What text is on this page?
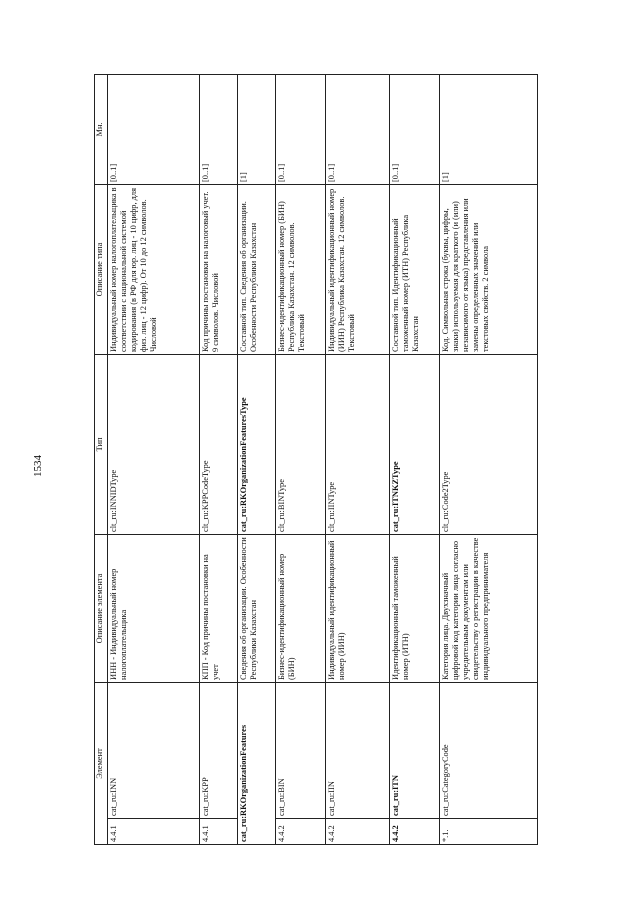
1534
Элемент		Описание элемента	Тип	Описание типа	Мн.
4.4.1	cat_ru:INN	ИНН - Индивидуальный номер налогоплательщика	clt_ru:INNIDType	Индивидуальный номер налогоплательщика в соответствии с национальной системой кодирования (в РФ для юр. лиц - 10 цифр, для физ. лиц - 12 цифр). От 10 до 12 символов. Числовой	[0..1]
4.4.1	cat_ru:KPP	КПП - Код причины постановки на учет	clt_ru:KPPCodeType	Код причины постановки на налоговый учет. 9 символов. Числовой	[0..1]
cat_ru:RKOrganizationFeatures		Сведения об организации. Особенности Республики Казахстан	cat_ru:RKOrganizationFeaturesType	Составной тип. Сведения об организации. Особенности Республики Казахстан	[1]
4.4.2	cat_ru:BIN	Бизнес-идентификационный номер (БИН)	clt_ru:BINType	Бизнес-идентификационный номер (БИН) Республика Казахстан. 12 символов. Текстовый	[0..1]
4.4.2	cat_ru:IIN	Индивидуальный идентификационный номер (ИИН)	clt_ru:IINType	Индивидуальный идентификационный номер (ИИН) Республика Казахстан. 12 символов. Текстовый	[0..1]
4.4.2	cat_ru:ITN	Идентификационный таможенный номер (ИТН)	cat_ru:ITNKZType	Составной тип. Идентификационный таможенный номер (ИТН) Республика Казахстан	[0..1]
*.1.	cat_ru:CategoryCode	Категория лица. Двухзначный цифровой код категории лица согласно учредительным документам или свидетельству о регистрации в качестве индивидуального предпринимателя	clt_ru:Code2Type	Код. Символьная строка (буквы, цифры, знаки) используемая для краткого (и (или) независимого от языка) представления или замены определенных значений или текстовых свойств. 2 символа	[1]
